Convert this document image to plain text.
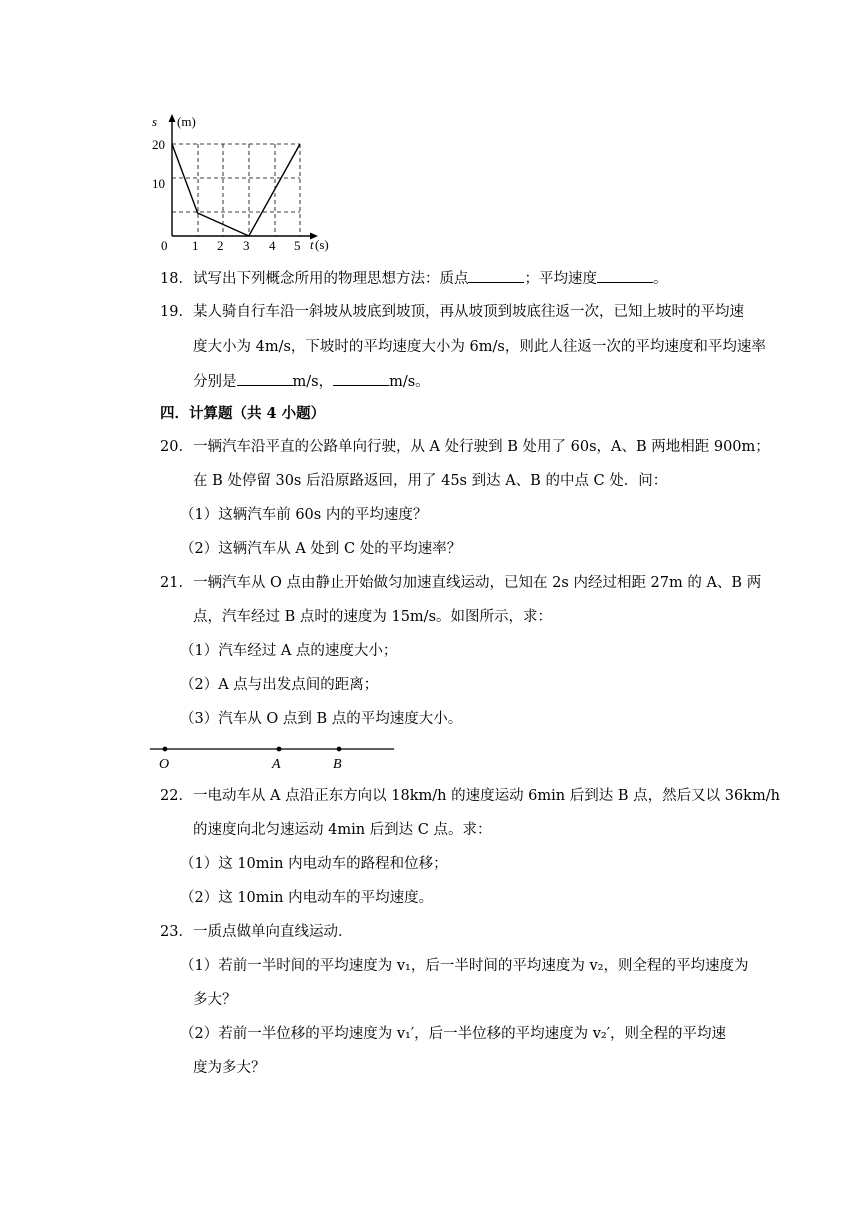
s (m)
20
10
0 1 2 3 4 5 t (s)
18．试写出下列概念所用的物理思想方法：质点	；平均速度	。
19．某人骑自行车沿一斜坡从坡底到坡顶，再从坡顶到坡底往返一次，已知上坡时的平均速
度大小为 4m/s，下坡时的平均速度大小为 6m/s，则此人往返一次的平均速度和平均速率
分别是	m/s，	m/s。
四．计算题（共 4 小题）
20．一辆汽车沿平直的公路单向行驶，从 A 处行驶到 B 处用了 60s，A、B 两地相距 900m；
在 B 处停留 30s 后沿原路返回，用了 45s 到达 A、B 的中点 C 处．问：
（1）这辆汽车前 60s 内的平均速度？
（2）这辆汽车从 A 处到 C 处的平均速率？
21．一辆汽车从 O 点由静止开始做匀加速直线运动，已知在 2s 内经过相距 27m 的 A、B 两
点，汽车经过 B 点时的速度为 15m/s。如图所示，求：
（1）汽车经过 A 点的速度大小；
（2）A 点与出发点间的距离；
（3）汽车从 O 点到 B 点的平均速度大小。
O	A	B
22．一电动车从 A 点沿正东方向以 18km/h 的速度运动 6min 后到达 B 点，然后又以 36km/h
的速度向北匀速运动 4min 后到达 C 点。求：
（1）这 10min 内电动车的路程和位移；
（2）这 10min 内电动车的平均速度。
23．一质点做单向直线运动．
（1）若前一半时间的平均速度为 v₁，后一半时间的平均速度为 v₂，则全程的平均速度为
多大？
（2）若前一半位移的平均速度为 v₁′，后一半位移的平均速度为 v₂′，则全程的平均速
度为多大？
